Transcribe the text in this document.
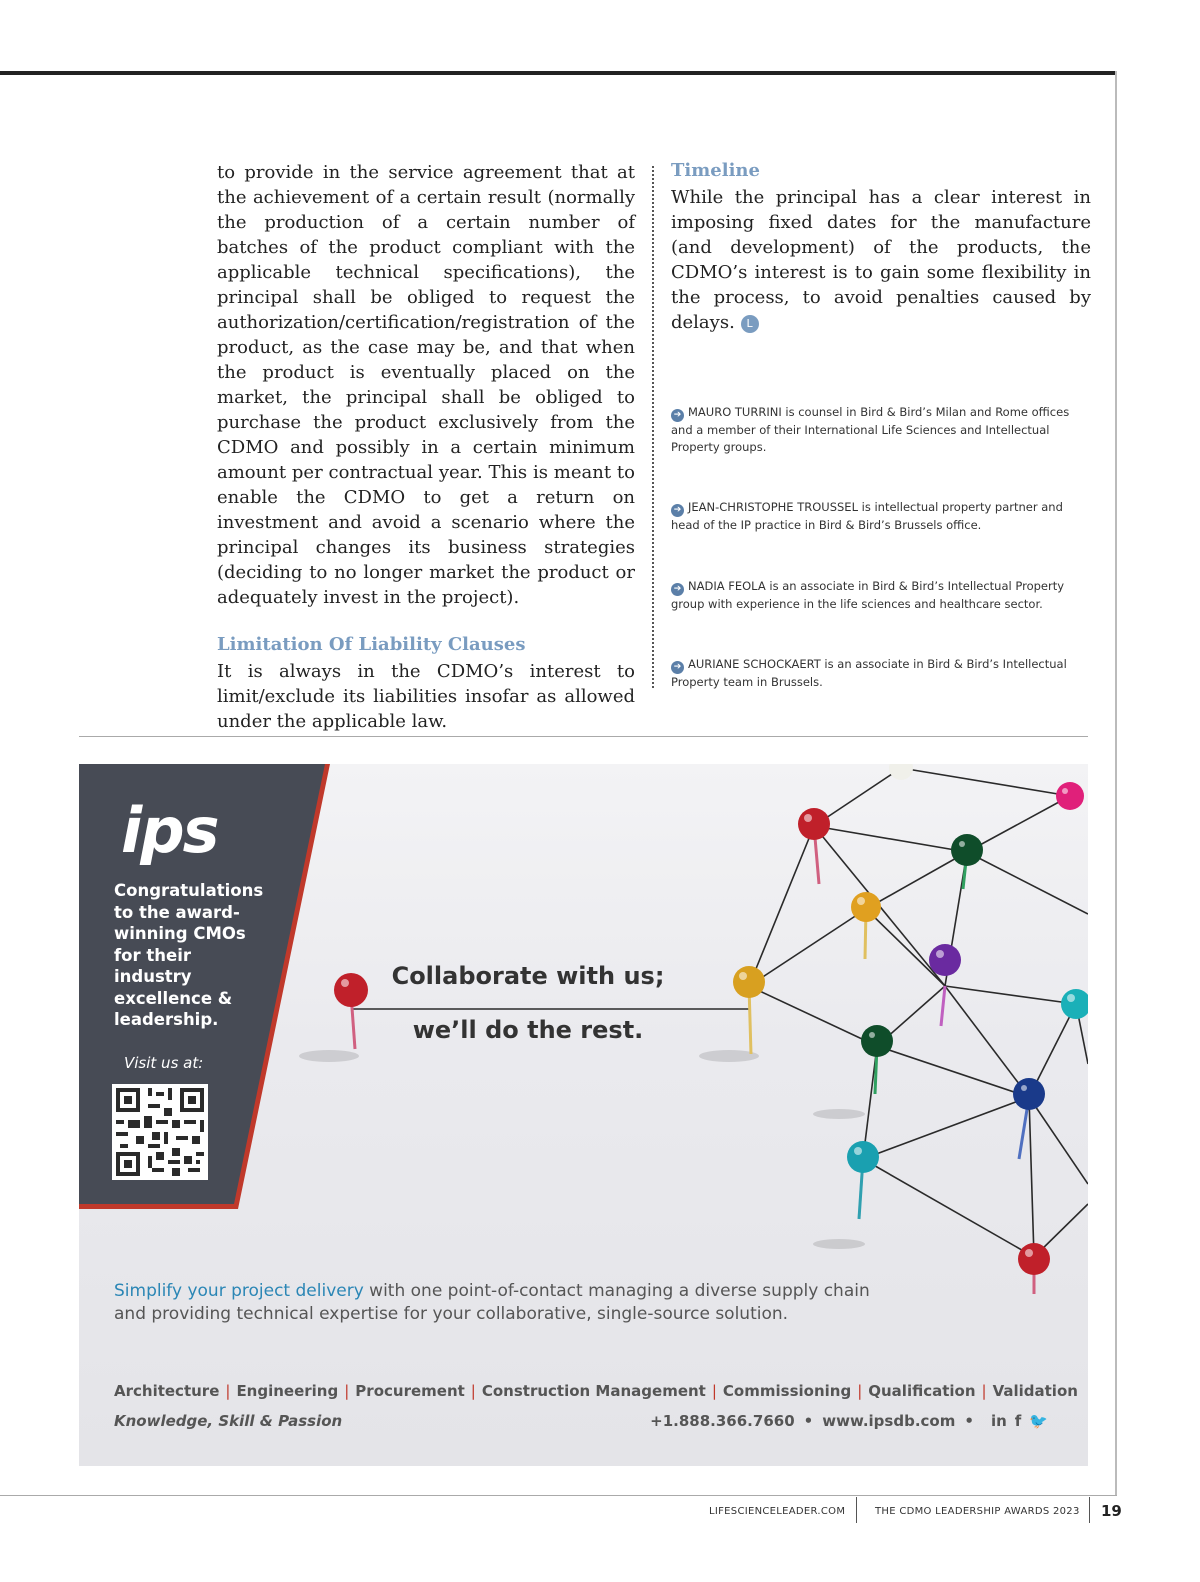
to provide in the service agreement that at the achievement of a certain result (normally the production of a certain number of batches of the product compliant with the applicable technical specifications), the principal shall be obliged to request the authorization/certification/registration of the product, as the case may be, and that when the product is eventually placed on the market, the principal shall be obliged to purchase the product exclusively from the CDMO and possibly in a certain minimum amount per contractual year. This is meant to enable the CDMO to get a return on investment and avoid a scenario where the principal changes its business strategies (deciding to no longer market the product or adequately invest in the project).

Limitation Of Liability Clauses

It is always in the CDMO’s interest to limit/exclude its liabilities insofar as allowed under the applicable law.

Timeline

While the principal has a clear interest in imposing fixed dates for the manufacture (and development) of the products, the CDMO’s interest is to gain some flexibility in the process, to avoid penalties caused by delays. L

➔ MAURO TURRINI is counsel in Bird & Bird’s Milan and Rome offices and a member of their International Life Sciences and Intellectual Property groups.
➔ JEAN-CHRISTOPHE TROUSSEL is intellectual property partner and head of the IP practice in Bird & Bird’s Brussels office.
➔ NADIA FEOLA is an associate in Bird & Bird’s Intellectual Property group with experience in the life sciences and healthcare sector.
➔ AURIANE SCHOCKAERT is an associate in Bird & Bird’s Intellectual Property team in Brussels.
ips
Congratulations to the award-winning CMOs for their industry excellence & leadership.
Visit us at:
Collaborate with us;
we’ll do the rest.
Simplify your project delivery with one point-of-contact managing a diverse supply chain and providing technical expertise for your collaborative, single-source solution.
Architecture | Engineering | Procurement | Construction Management | Commissioning | Qualification | Validation
Knowledge, Skill & Passion	+1.888.366.7660 • www.ipsdb.com • in f 🐦
LIFESCIENCELEADER.COM	THE CDMO LEADERSHIP AWARDS 2023 19
